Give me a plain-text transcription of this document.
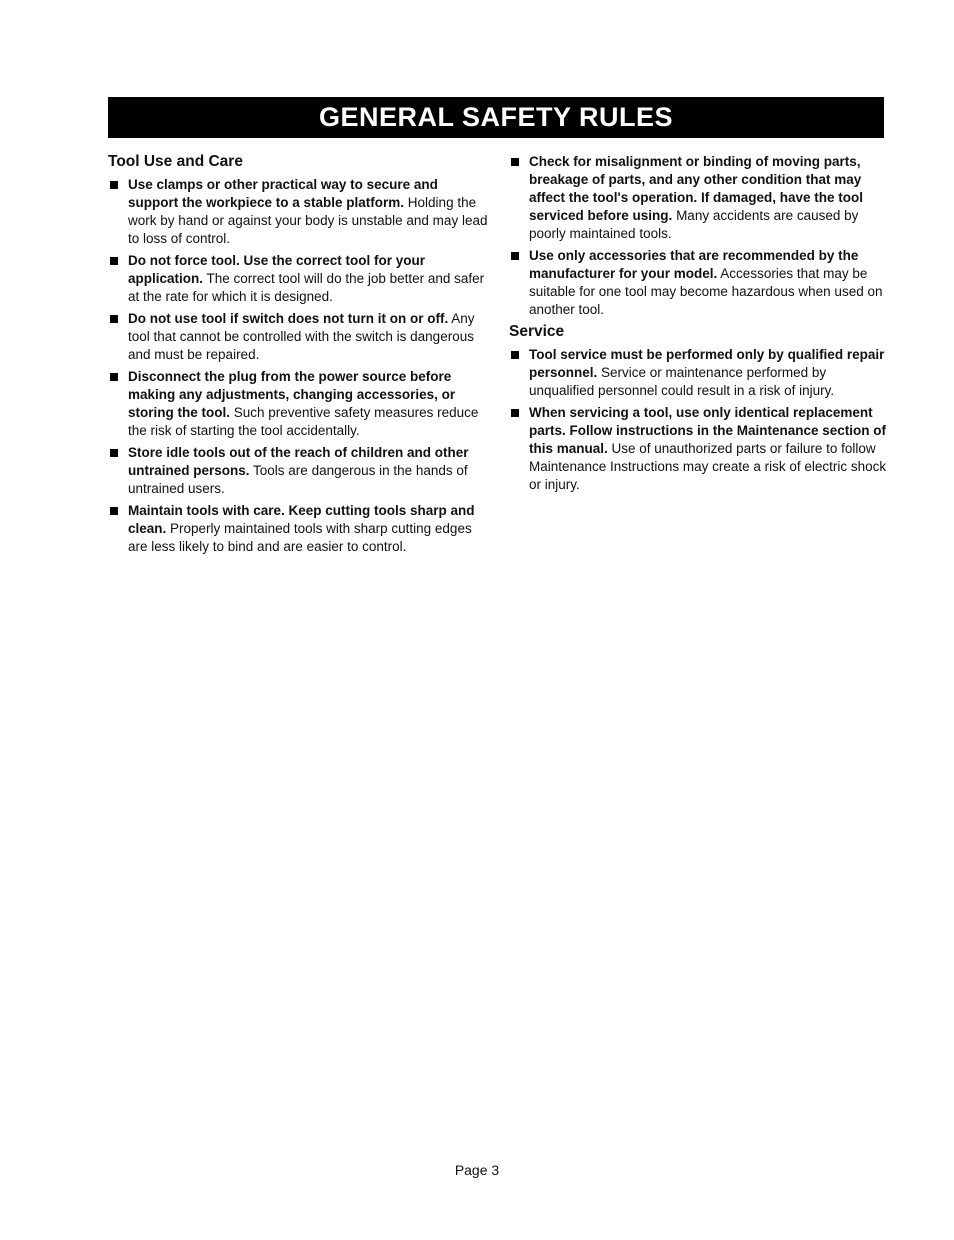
GENERAL SAFETY RULES
Tool Use and Care
Use clamps or other practical way to secure and support the workpiece to a stable platform. Holding the work by hand or against your body is unstable and may lead to loss of control.
Do not force tool. Use the correct tool for your application. The correct tool will do the job better and safer at the rate for which it is designed.
Do not use tool if switch does not turn it on or off. Any tool that cannot be controlled with the switch is dangerous and must be repaired.
Disconnect the plug from the power source before making any adjustments, changing accessories, or storing the tool. Such preventive safety measures reduce the risk of starting the tool accidentally.
Store idle tools out of the reach of children and other untrained persons. Tools are dangerous in the hands of untrained users.
Maintain tools with care. Keep cutting tools sharp and clean. Properly maintained tools with sharp cutting edges are less likely to bind and are easier to control.
Check for misalignment or binding of moving parts, breakage of parts, and any other condition that may affect the tool's operation. If damaged, have the tool serviced before using. Many accidents are caused by poorly maintained tools.
Use only accessories that are recommended by the manufacturer for your model. Accessories that may be suitable for one tool may become hazardous when used on another tool.
Service
Tool service must be performed only by qualified repair personnel. Service or maintenance performed by unqualified personnel could result in a risk of injury.
When servicing a tool, use only identical replacement parts. Follow instructions in the Maintenance section of this manual. Use of unauthorized parts or failure to follow Maintenance Instructions may create a risk of electric shock or injury.
Page 3
